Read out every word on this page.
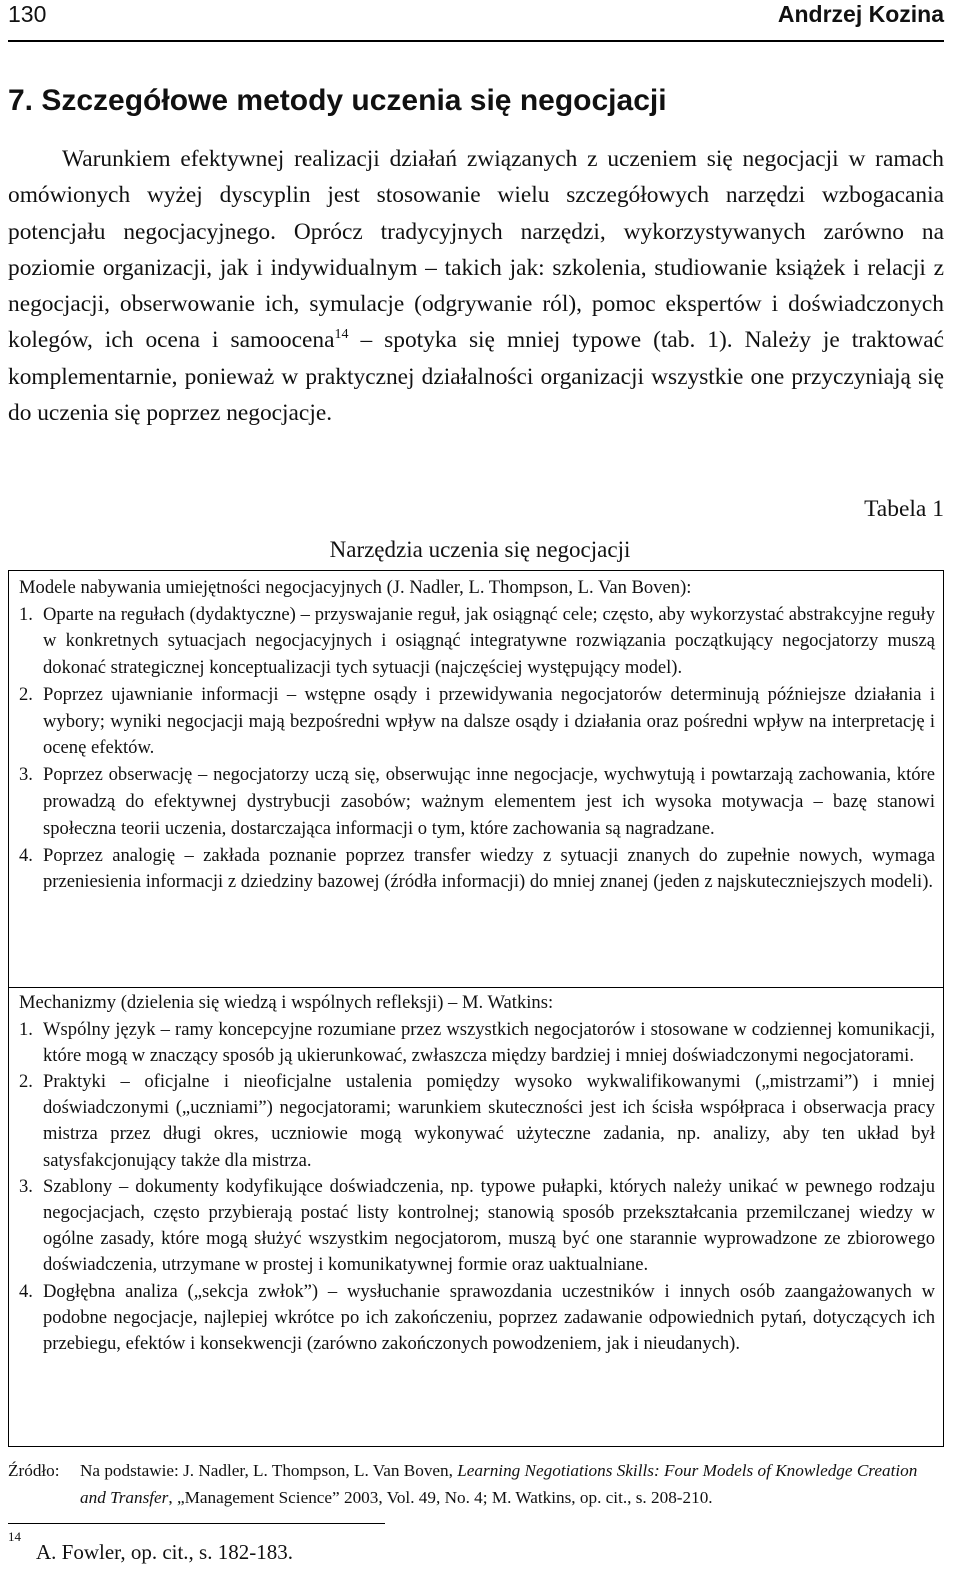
130	Andrzej Kozina
7. Szczegółowe metody uczenia się negocjacji

Warunkiem efektywnej realizacji działań związanych z uczeniem się negocjacji w ramach omówionych wyżej dyscyplin jest stosowanie wielu szczegółowych narzędzi wzbogacania potencjału negocjacyjnego. Oprócz tradycyjnych narzędzi, wykorzystywanych zarówno na poziomie organizacji, jak i indywidualnym – takich jak: szkolenia, studiowanie książek i relacji z negocjacji, obserwowanie ich, symulacje (odgrywanie ról), pomoc ekspertów i doświadczonych kolegów, ich ocena i samoocena$^{14}$ – spotyka się mniej typowe (tab. 1). Należy je traktować komplementarnie, ponieważ w praktycznej działalności organizacji wszystkie one przyczyniają się do uczenia się poprzez negocjacje.

Tabela 1
Narzędzia uczenia się negocjacji

Modele nabywania umiejętności negocjacyjnych (J. Nadler, L. Thompson, L. Van Boven):

1. Oparte na regułach (dydaktyczne) – przyswajanie reguł, jak osiągnąć cele; często, aby wykorzystać abstrakcyjne reguły w konkretnych sytuacjach negocjacyjnych i osiągnąć integratywne rozwiązania początkujący negocjatorzy muszą dokonać strategicznej konceptualizacji tych sytuacji (najczęściej występujący model).
2. Poprzez ujawnianie informacji – wstępne osądy i przewidywania negocjatorów determinują późniejsze działania i wybory; wyniki negocjacji mają bezpośredni wpływ na dalsze osądy i działania oraz pośredni wpływ na interpretację i ocenę efektów.
3. Poprzez obserwację – negocjatorzy uczą się, obserwując inne negocjacje, wychwytują i powtarzają zachowania, które prowadzą do efektywnej dystrybucji zasobów; ważnym elementem jest ich wysoka motywacja – bazę stanowi społeczna teorii uczenia, dostarczająca informacji o tym, które zachowania są nagradzane.
4. Poprzez analogię – zakłada poznanie poprzez transfer wiedzy z sytuacji znanych do zupełnie nowych, wymaga przeniesienia informacji z dziedziny bazowej (źródła informacji) do mniej znanej (jeden z najskuteczniejszych modeli).

Mechanizmy (dzielenia się wiedzą i wspólnych refleksji) – M. Watkins:

1. Wspólny język – ramy koncepcyjne rozumiane przez wszystkich negocjatorów i stosowane w codziennej komunikacji, które mogą w znaczący sposób ją ukierunkować, zwłaszcza między bardziej i mniej doświadczonymi negocjatorami.
2. Praktyki – oficjalne i nieoficjalne ustalenia pomiędzy wysoko wykwalifikowanymi („mistrzami”) i mniej doświadczonymi („uczniami”) negocjatorami; warunkiem skuteczności jest ich ścisła współpraca i obserwacja pracy mistrza przez długi okres, uczniowie mogą wykonywać użyteczne zadania, np. analizy, aby ten układ był satysfakcjonujący także dla mistrza.
3. Szablony – dokumenty kodyfikujące doświadczenia, np. typowe pułapki, których należy unikać w pewnego rodzaju negocjacjach, często przybierają postać listy kontrolnej; stanowią sposób przekształcania przemilczanej wiedzy w ogólne zasady, które mogą służyć wszystkim negocjatorom, muszą być one starannie wyprowadzone ze zbiorowego doświadczenia, utrzymane w prostej i komunikatywnej formie oraz uaktualniane.
4. Dogłębna analiza („sekcja zwłok”) – wysłuchanie sprawozdania uczestników i innych osób zaangażowanych w podobne negocjacje, najlepiej wkrótce po ich zakończeniu, poprzez zadawanie odpowiednich pytań, dotyczących ich przebiegu, efektów i konsekwencji (zarówno zakończonych powodzeniem, jak i nieudanych).
Źródło: Na podstawie: J. Nadler, L. Thompson, L. Van Boven, Learning Negotiations Skills: Four Models of Knowledge Creation and Transfer, „Management Science” 2003, Vol. 49, No. 4; M. Watkins, op. cit., s. 208-210.
14
A. Fowler, op. cit., s. 182-183.
